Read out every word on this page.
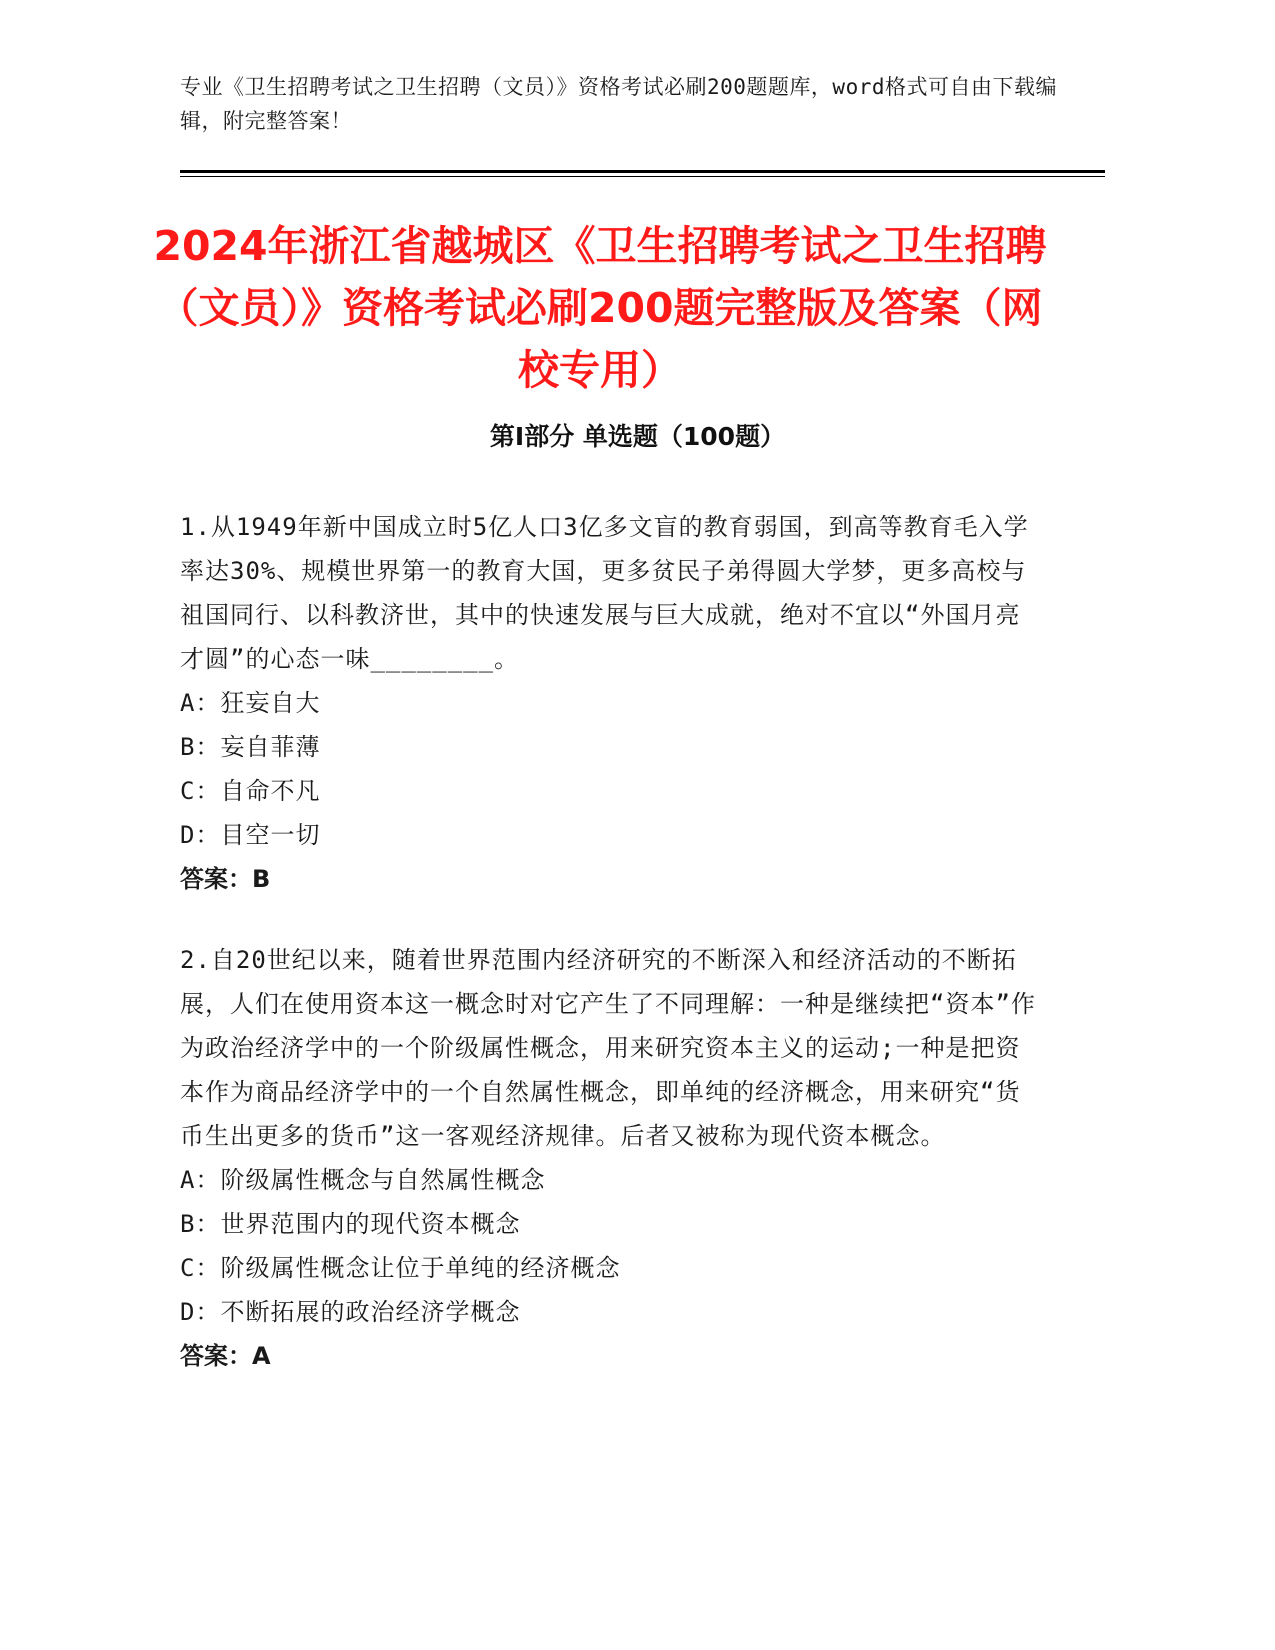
专业《卫生招聘考试之卫生招聘（文员）》资格考试必刷200题题库，word格式可自由下载编辑，附完整答案！
2024年浙江省越城区《卫生招聘考试之卫生招聘（文员）》资格考试必刷200题完整版及答案（网校专用）
第I部分 单选题（100题）
1.从1949年新中国成立时5亿人口3亿多文盲的教育弱国，到高等教育毛入学率达30%、规模世界第一的教育大国，更多贫民子弟得圆大学梦，更多高校与祖国同行、以科教济世，其中的快速发展与巨大成就，绝对不宜以“外国月亮才圆”的心态一味________。
A：狂妄自大
B：妄自菲薄
C：自命不凡
D：目空一切
答案：B
2.自20世纪以来，随着世界范围内经济研究的不断深入和经济活动的不断拓展，人们在使用资本这一概念时对它产生了不同理解：一种是继续把“资本”作为政治经济学中的一个阶级属性概念，用来研究资本主义的运动;一种是把资本作为商品经济学中的一个自然属性概念，即单纯的经济概念，用来研究“货币生出更多的货币”这一客观经济规律。后者又被称为现代资本概念。
A：阶级属性概念与自然属性概念
B：世界范围内的现代资本概念
C：阶级属性概念让位于单纯的经济概念
D：不断拓展的政治经济学概念
答案：A
